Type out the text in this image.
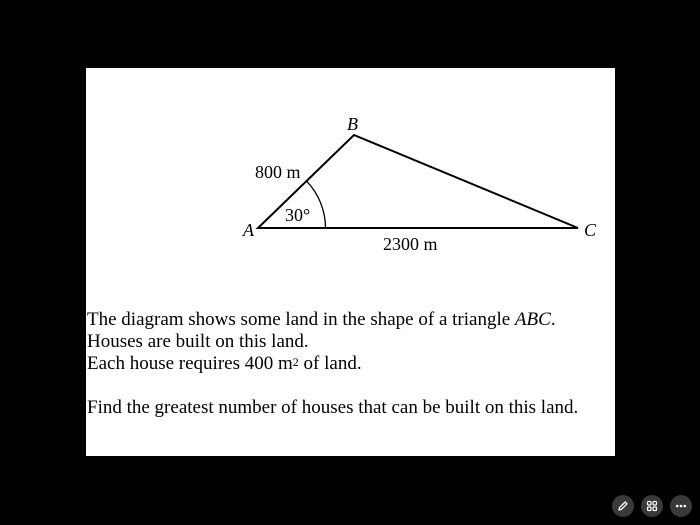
A
B
C
800 m
2300 m
30°

The diagram shows some land in the shape of a triangle ABC.
Houses are built on this land.
Each house requires 400 $m^2$ of land.

Find the greatest number of houses that can be built on this land.
